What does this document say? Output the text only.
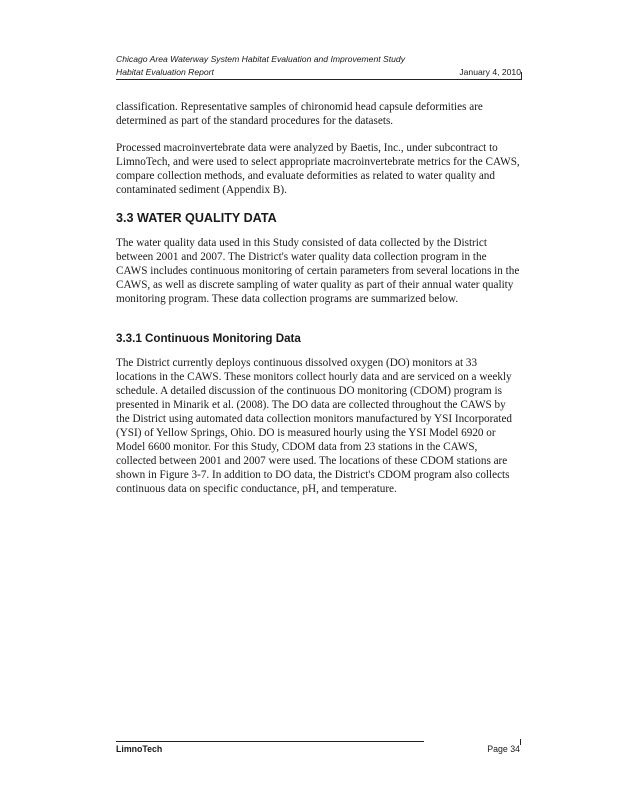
Chicago Area Waterway System Habitat Evaluation and Improvement Study
Habitat Evaluation Report	January 4, 2010

classification. Representative samples of chironomid head capsule deformities are determined as part of the standard procedures for the datasets.

Processed macroinvertebrate data were analyzed by Baetis, Inc., under subcontract to LimnoTech, and were used to select appropriate macroinvertebrate metrics for the CAWS, compare collection methods, and evaluate deformities as related to water quality and contaminated sediment (Appendix B).

3.3 WATER QUALITY DATA

The water quality data used in this Study consisted of data collected by the District between 2001 and 2007. The District's water quality data collection program in the CAWS includes continuous monitoring of certain parameters from several locations in the CAWS, as well as discrete sampling of water quality as part of their annual water quality monitoring program. These data collection programs are summarized below.

3.3.1 Continuous Monitoring Data

The District currently deploys continuous dissolved oxygen (DO) monitors at 33 locations in the CAWS. These monitors collect hourly data and are serviced on a weekly schedule. A detailed discussion of the continuous DO monitoring (CDOM) program is presented in Minarik et al. (2008). The DO data are collected throughout the CAWS by the District using automated data collection monitors manufactured by YSI Incorporated (YSI) of Yellow Springs, Ohio. DO is measured hourly using the YSI Model 6920 or Model 6600 monitor. For this Study, CDOM data from 23 stations in the CAWS, collected between 2001 and 2007 were used. The locations of these CDOM stations are shown in Figure 3-7. In addition to DO data, the District's CDOM program also collects continuous data on specific conductance, pH, and temperature.

LimnoTech	Page 34
